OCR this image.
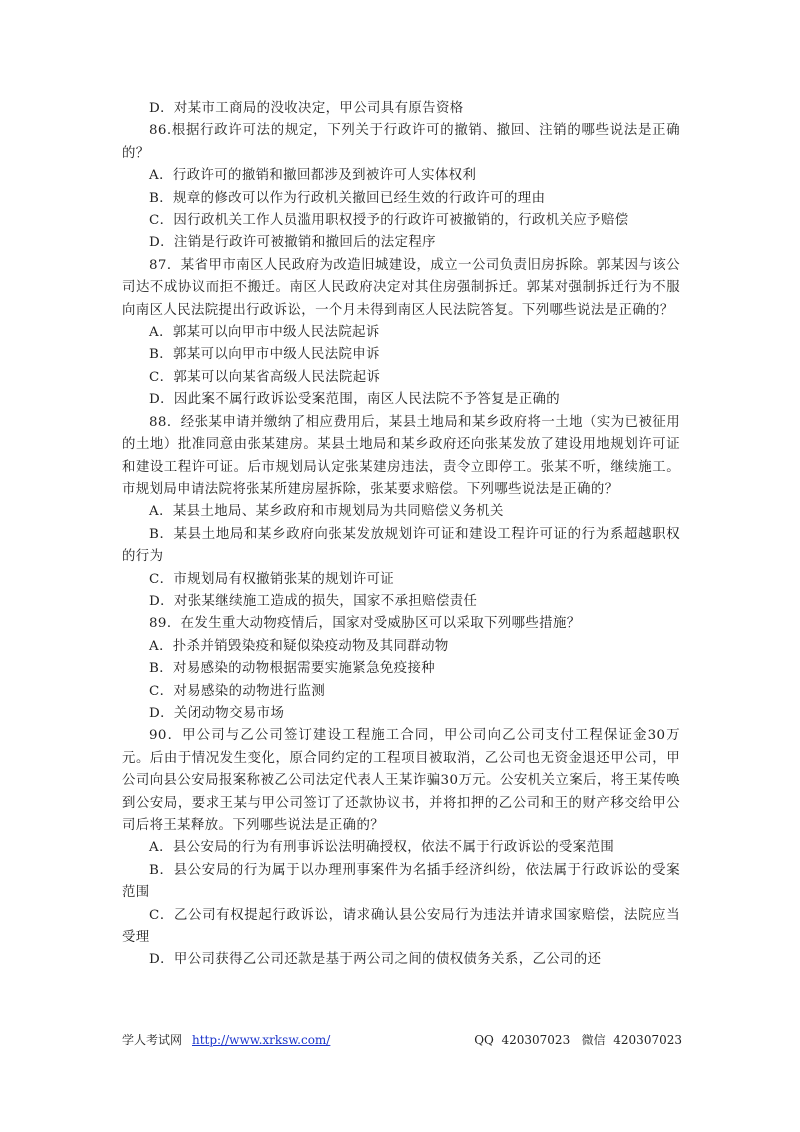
D．对某市工商局的没收决定，甲公司具有原告资格

86.根据行政许可法的规定，下列关于行政许可的撤销、撤回、注销的哪些说法是正确的？

A．行政许可的撤销和撤回都涉及到被许可人实体权利

B．规章的修改可以作为行政机关撤回已经生效的行政许可的理由

C．因行政机关工作人员滥用职权授予的行政许可被撤销的，行政机关应予赔偿

D．注销是行政许可被撤销和撤回后的法定程序

87．某省甲市南区人民政府为改造旧城建设，成立一公司负责旧房拆除。郭某因与该公司达不成协议而拒不搬迁。南区人民政府决定对其住房强制拆迁。郭某对强制拆迁行为不服向南区人民法院提出行政诉讼，一个月未得到南区人民法院答复。下列哪些说法是正确的？

A．郭某可以向甲市中级人民法院起诉

B．郭某可以向甲市中级人民法院申诉

C．郭某可以向某省高级人民法院起诉

D．因此案不属行政诉讼受案范围，南区人民法院不予答复是正确的

88．经张某申请并缴纳了相应费用后，某县土地局和某乡政府将一土地（实为已被征用的土地）批准同意由张某建房。某县土地局和某乡政府还向张某发放了建设用地规划许可证和建设工程许可证。后市规划局认定张某建房违法，责令立即停工。张某不听，继续施工。市规划局申请法院将张某所建房屋拆除，张某要求赔偿。下列哪些说法是正确的？

A．某县土地局、某乡政府和市规划局为共同赔偿义务机关

B．某县土地局和某乡政府向张某发放规划许可证和建设工程许可证的行为系超越职权的行为

C．市规划局有权撤销张某的规划许可证

D．对张某继续施工造成的损失，国家不承担赔偿责任

89．在发生重大动物疫情后，国家对受威胁区可以采取下列哪些措施？

A．扑杀并销毁染疫和疑似染疫动物及其同群动物

B．对易感染的动物根据需要实施紧急免疫接种

C．对易感染的动物进行监测

D．关闭动物交易市场

90．甲公司与乙公司签订建设工程施工合同，甲公司向乙公司支付工程保证金30万元。后由于情况发生变化，原合同约定的工程项目被取消，乙公司也无资金退还甲公司，甲公司向县公安局报案称被乙公司法定代表人王某诈骗30万元。公安机关立案后，将王某传唤到公安局，要求王某与甲公司签订了还款协议书，并将扣押的乙公司和王的财产移交给甲公司后将王某释放。下列哪些说法是正确的？

A．县公安局的行为有刑事诉讼法明确授权，依法不属于行政诉讼的受案范围

B．县公安局的行为属于以办理刑事案件为名插手经济纠纷，依法属于行政诉讼的受案范围

C．乙公司有权提起行政诉讼，请求确认县公安局行为违法并请求国家赔偿，法院应当受理

D．甲公司获得乙公司还款是基于两公司之间的债权债务关系，乙公司的还

学人考试网 http://www.xrksw.com/	QQ  420307023   微信  420307023
